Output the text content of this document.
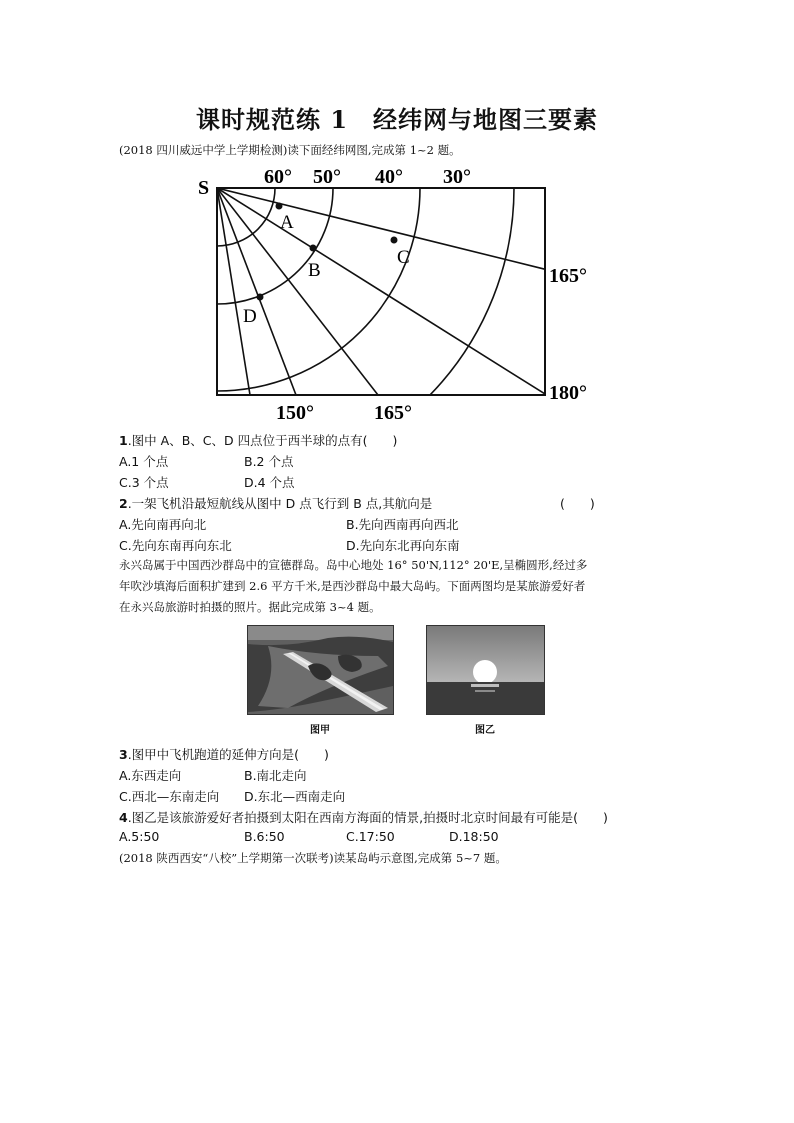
课时规范练 1　经纬网与地图三要素
(2018 四川威远中学上学期检测)读下面经纬网图,完成第 1~2 题。
S	60° 50° 40° 30°
165°
180°
150°	165°
A
B
C
D
1.图中 A、B、C、D 四点位于西半球的点有(　　)
A.1 个点	B.2 个点
C.3 个点	D.4 个点
2.一架飞机沿最短航线从图中 D 点飞行到 B 点,其航向是	(　　)
A.先向南再向北	B.先向西南再向西北
C.先向东南再向东北	D.先向东北再向东南
永兴岛属于中国西沙群岛中的宣德群岛。岛中心地处 16° 50'N,112° 20'E,呈椭圆形,经过多
年吹沙填海后面积扩建到 2.6 平方千米,是西沙群岛中最大岛屿。下面两图均是某旅游爱好者
在永兴岛旅游时拍摄的照片。据此完成第 3~4 题。
图甲	图乙
3.图甲中飞机跑道的延伸方向是(　　)
A.东西走向	B.南北走向
C.西北—东南走向 D.东北—西南走向
4.图乙是该旅游爱好者拍摄到太阳在西南方海面的情景,拍摄时北京时间最有可能是(　　)
A.5:50	B.6:50	C.17:50	D.18:50
(2018 陕西西安“八校”上学期第一次联考)读某岛屿示意图,完成第 5~7 题。
